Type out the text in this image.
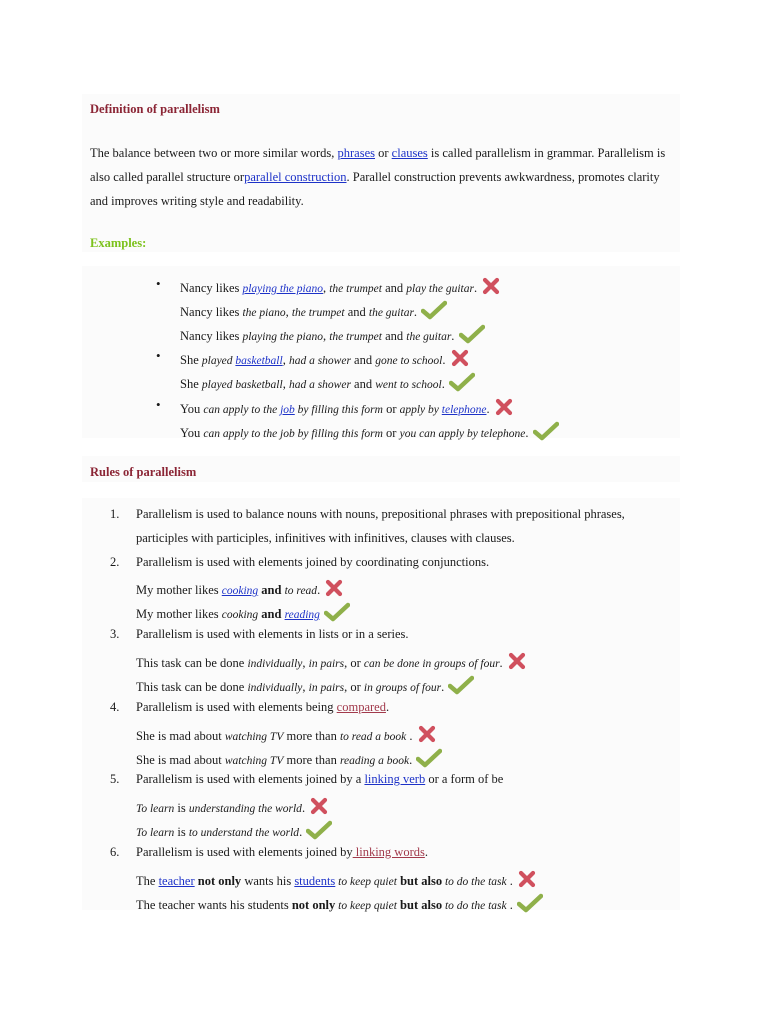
Definition of parallelism
The balance between two or more similar words, phrases or clauses is called parallelism in grammar. Parallelism is also called parallel structure orparallel construction. Parallel construction prevents awkwardness, promotes clarity and improves writing style and readability.
Examples:
• Nancy likes playing the piano, the trumpet and play the guitar.
Nancy likes the piano, the trumpet and the guitar.
Nancy likes playing the piano, the trumpet and the guitar.
• She played basketball, had a shower and gone to school.
She played basketball, had a shower and went to school.
• You can apply to the job by filling this form or apply by telephone.
You can apply to the job by filling this form or you can apply by telephone.
Rules of parallelism
1. Parallelism is used to balance nouns with nouns, prepositional phrases with prepositional phrases,
participles with participles, infinitives with infinitives, clauses with clauses.
2. Parallelism is used with elements joined by coordinating conjunctions.
My mother likes cooking and to read.
My mother likes cooking and reading
3. Parallelism is used with elements in lists or in a series.
This task can be done individually, in pairs, or can be done in groups of four.
This task can be done individually, in pairs, or in groups of four.
4. Parallelism is used with elements being compared.
She is mad about watching TV more than to read a book .
She is mad about watching TV more than reading a book.
5. Parallelism is used with elements joined by a linking verb or a form of be
To learn is understanding the world.
To learn is to understand the world.
6. Parallelism is used with elements joined by linking words.
The teacher not only wants his students to keep quiet but also to do the task .
The teacher wants his students not only to keep quiet but also to do the task .
